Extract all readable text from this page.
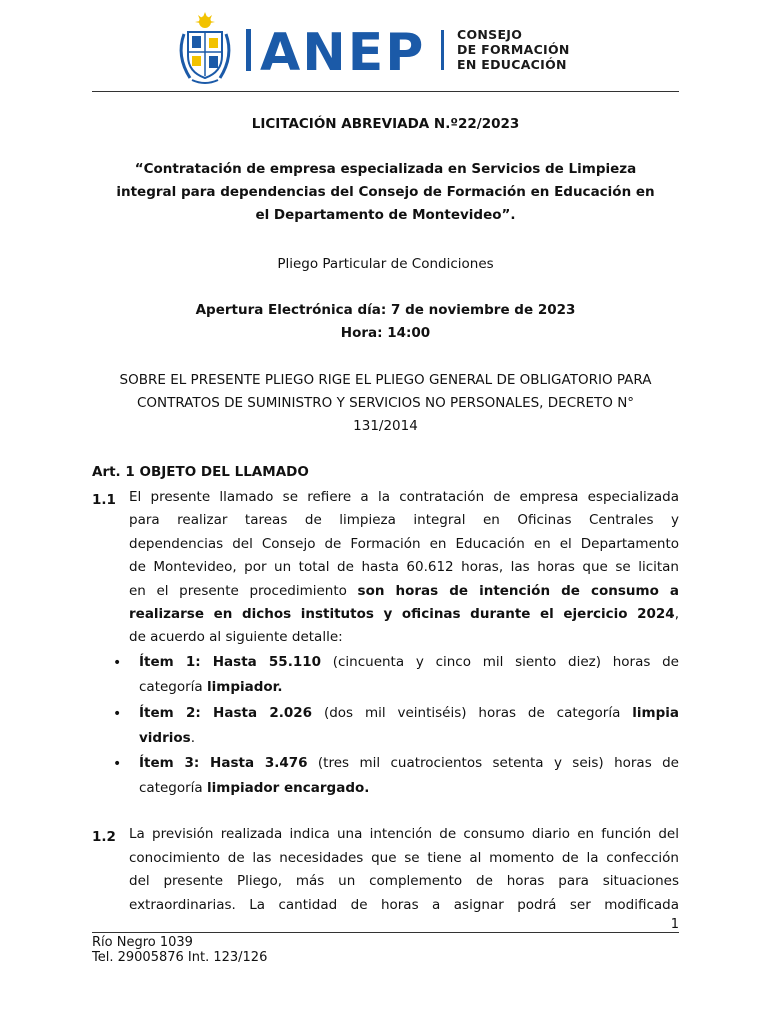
ANEP	CONSEJO
DE FORMACIÓN
EN EDUCACIÓN
LICITACIÓN ABREVIADA N.º22/2023
“Contratación de empresa especializada en Servicios de Limpieza
integral para dependencias del Consejo de Formación en Educación en
el Departamento de Montevideo”.
Pliego Particular de Condiciones
Apertura Electrónica día: 7 de noviembre de 2023
Hora: 14:00
SOBRE EL PRESENTE PLIEGO RIGE EL PLIEGO GENERAL DE OBLIGATORIO PARA
CONTRATOS DE SUMINISTRO Y SERVICIOS NO PERSONALES, DECRETO N°
131/2014
Art. 1 OBJETO DEL LLAMADO
1.1 El presente llamado se refiere a la contratación de empresa especializada
para realizar tareas de limpieza integral en Oficinas Centrales y
dependencias del Consejo de Formación en Educación en el Departamento
de Montevideo, por un total de hasta 60.612 horas, las horas que se licitan
en el presente procedimiento son horas de intención de consumo a
realizarse en dichos institutos y oficinas durante el ejercicio 2024,
de acuerdo al siguiente detalle:
• Ítem 1: Hasta 55.110 (cincuenta y cinco mil siento diez) horas de
categoría limpiador.
• Ítem 2: Hasta 2.026 (dos mil veintiséis) horas de categoría limpia
vidrios.
• Ítem 3: Hasta 3.476 (tres mil cuatrocientos setenta y seis) horas de
categoría limpiador encargado.
1.2 La previsión realizada indica una intención de consumo diario en función del
conocimiento de las necesidades que se tiene al momento de la confección
del presente Pliego, más un complemento de horas para situaciones
extraordinarias. La cantidad de horas a asignar podrá ser modificada
1
Río Negro 1039
Tel. 29005876 Int. 123/126
